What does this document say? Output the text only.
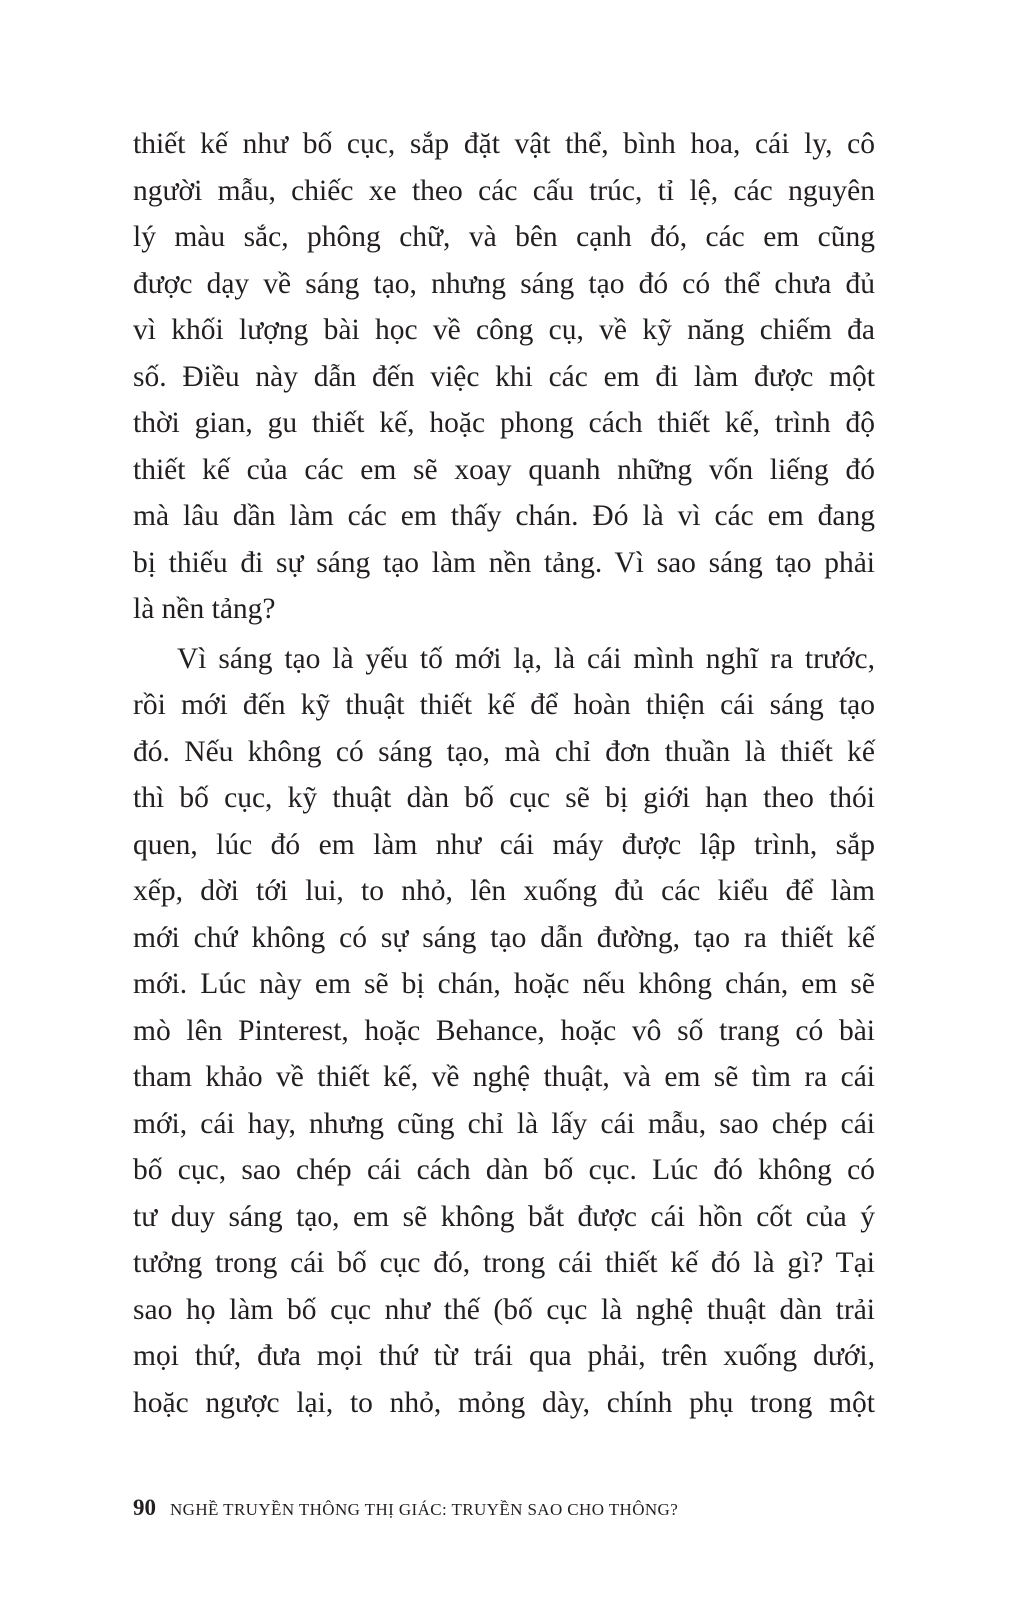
thiết kế như bố cục, sắp đặt vật thể, bình hoa, cái ly, cô
người mẫu, chiếc xe theo các cấu trúc, tỉ lệ, các nguyên
lý màu sắc, phông chữ, và bên cạnh đó, các em cũng
được dạy về sáng tạo, nhưng sáng tạo đó có thể chưa đủ
vì khối lượng bài học về công cụ, về kỹ năng chiếm đa
số. Điều này dẫn đến việc khi các em đi làm được một
thời gian, gu thiết kế, hoặc phong cách thiết kế, trình độ
thiết kế của các em sẽ xoay quanh những vốn liếng đó
mà lâu dần làm các em thấy chán. Đó là vì các em đang
bị thiếu đi sự sáng tạo làm nền tảng. Vì sao sáng tạo phải
là nền tảng?
Vì sáng tạo là yếu tố mới lạ, là cái mình nghĩ ra trước,
rồi mới đến kỹ thuật thiết kế để hoàn thiện cái sáng tạo
đó. Nếu không có sáng tạo, mà chỉ đơn thuần là thiết kế
thì bố cục, kỹ thuật dàn bố cục sẽ bị giới hạn theo thói
quen, lúc đó em làm như cái máy được lập trình, sắp
xếp, dời tới lui, to nhỏ, lên xuống đủ các kiểu để làm
mới chứ không có sự sáng tạo dẫn đường, tạo ra thiết kế
mới. Lúc này em sẽ bị chán, hoặc nếu không chán, em sẽ
mò lên Pinterest, hoặc Behance, hoặc vô số trang có bài
tham khảo về thiết kế, về nghệ thuật, và em sẽ tìm ra cái
mới, cái hay, nhưng cũng chỉ là lấy cái mẫu, sao chép cái
bố cục, sao chép cái cách dàn bố cục. Lúc đó không có
tư duy sáng tạo, em sẽ không bắt được cái hồn cốt của ý
tưởng trong cái bố cục đó, trong cái thiết kế đó là gì? Tại
sao họ làm bố cục như thế (bố cục là nghệ thuật dàn trải
mọi thứ, đưa mọi thứ từ trái qua phải, trên xuống dưới,
hoặc ngược lại, to nhỏ, mỏng dày, chính phụ trong một
90 NGHỀ TRUYỀN THÔNG THỊ GIÁC: TRUYỀN SAO CHO THÔNG?
